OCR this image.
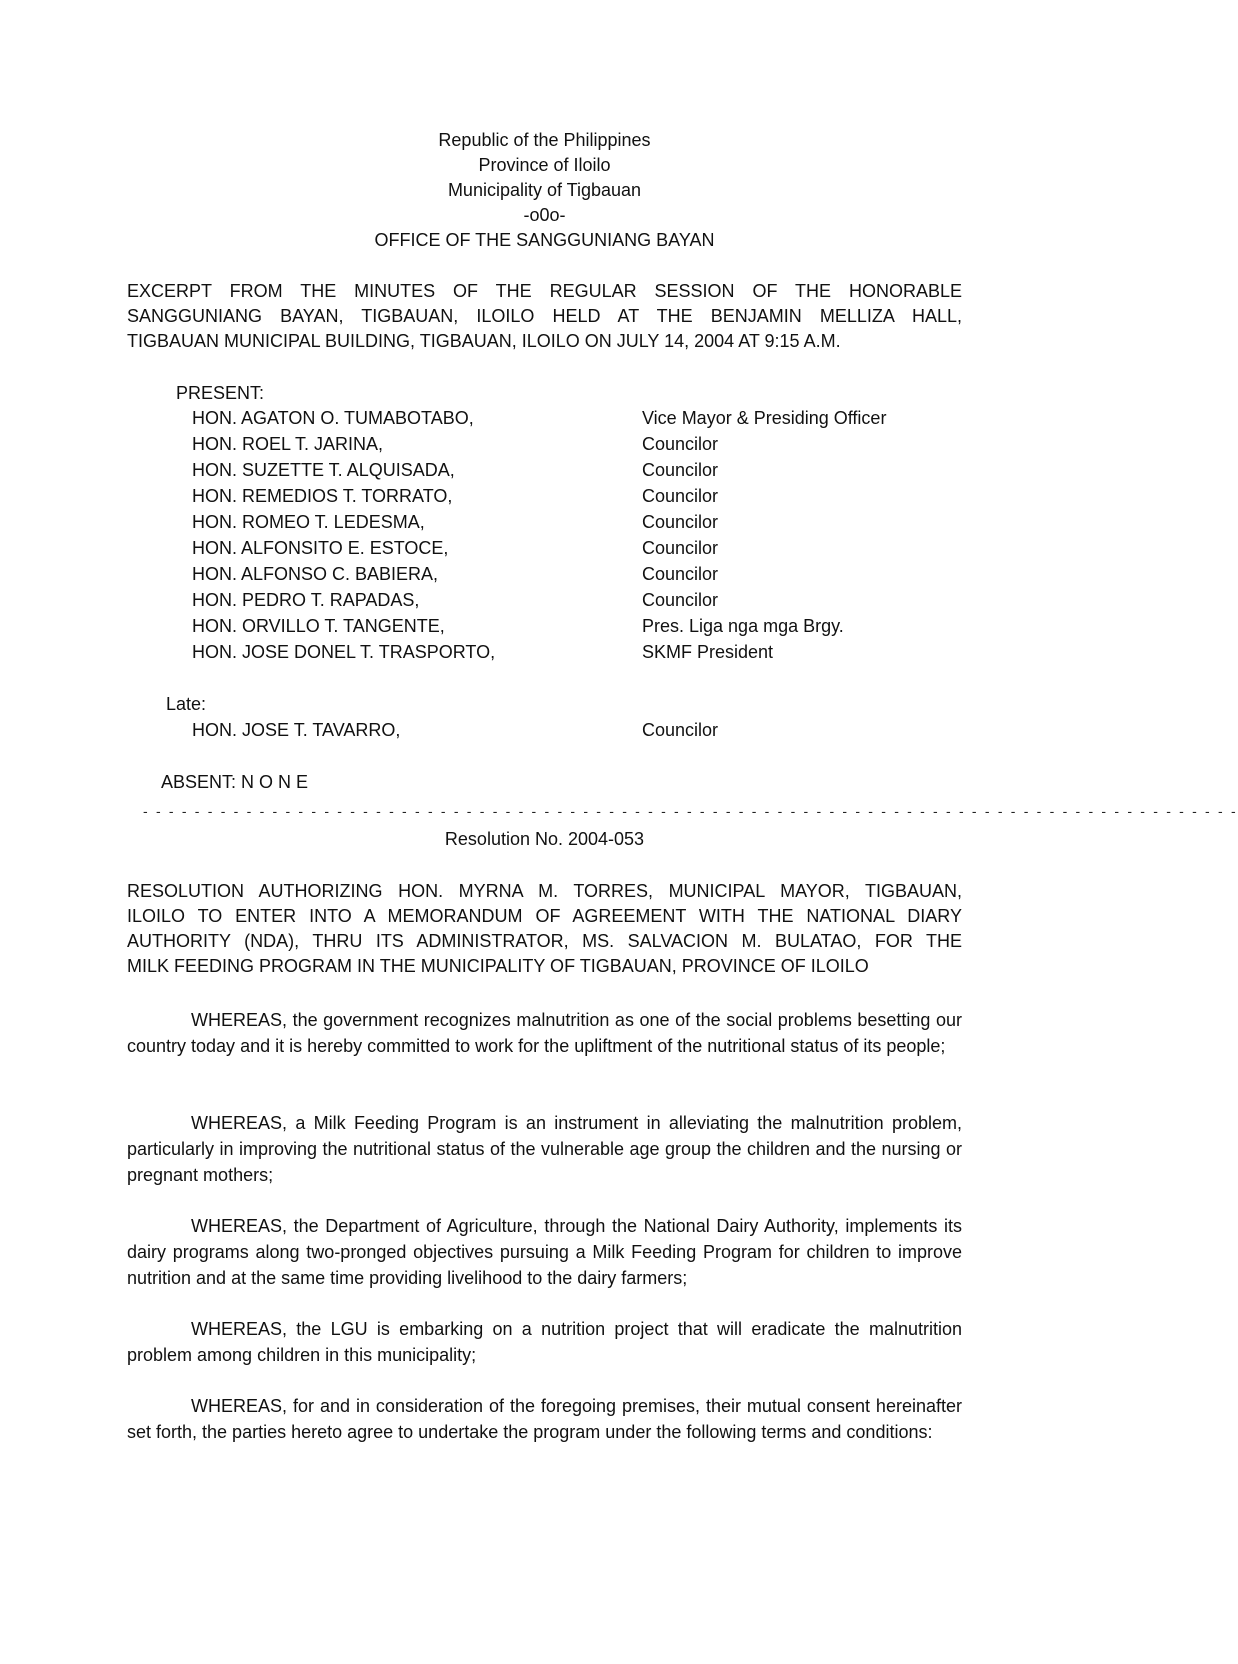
Republic of the Philippines
Province of Iloilo
Municipality of Tigbauan
-o0o-
OFFICE OF THE SANGGUNIANG BAYAN
EXCERPT FROM THE MINUTES OF THE REGULAR SESSION OF THE HONORABLE
SANGGUNIANG BAYAN, TIGBAUAN, ILOILO HELD AT THE BENJAMIN MELLIZA HALL,
TIGBAUAN MUNICIPAL BUILDING, TIGBAUAN, ILOILO ON JULY 14, 2004 AT 9:15 A.M.
PRESENT:
HON. AGATON O. TUMABOTABO,	Vice Mayor & Presiding Officer
HON. ROEL T. JARINA,	Councilor
HON. SUZETTE T. ALQUISADA,	Councilor
HON. REMEDIOS T. TORRATO,	Councilor
HON. ROMEO T. LEDESMA,	Councilor
HON. ALFONSITO E. ESTOCE,	Councilor
HON. ALFONSO C. BABIERA,	Councilor
HON. PEDRO T. RAPADAS,	Councilor
HON. ORVILLO T. TANGENTE,	Pres. Liga nga mga Brgy.
HON. JOSE DONEL T. TRASPORTO,	SKMF President
Late:
HON. JOSE T. TAVARRO,	Councilor
ABSENT: N O N E
- - - - - - - - - - - - - - - - - - - - - - - - - - - - - - - - - - - - - - - - - - - - - - - - - - - - - - - - - - - - - - - - - - - - - - - - - - - - - - - - - - - - -
Resolution No. 2004-053
RESOLUTION AUTHORIZING HON. MYRNA M. TORRES, MUNICIPAL MAYOR, TIGBAUAN,
ILOILO TO ENTER INTO A MEMORANDUM OF AGREEMENT WITH THE NATIONAL DIARY
AUTHORITY (NDA), THRU ITS ADMINISTRATOR, MS. SALVACION M. BULATAO, FOR THE
MILK FEEDING PROGRAM IN THE MUNICIPALITY OF TIGBAUAN, PROVINCE OF ILOILO
WHEREAS, the government recognizes malnutrition as one of the social problems besetting our country today and it is hereby committed to work for the upliftment of the nutritional status of its people;
WHEREAS, a Milk Feeding Program is an instrument in alleviating the malnutrition problem, particularly in improving the nutritional status of the vulnerable age group the children and the nursing or pregnant mothers;
WHEREAS, the Department of Agriculture, through the National Dairy Authority, implements its dairy programs along two-pronged objectives pursuing a Milk Feeding Program for children to improve nutrition and at the same time providing livelihood to the dairy farmers;
WHEREAS, the LGU is embarking on a nutrition project that will eradicate the malnutrition problem among children in this municipality;
WHEREAS, for and in consideration of the foregoing premises, their mutual consent hereinafter set forth, the parties hereto agree to undertake the program under the following terms and conditions:
